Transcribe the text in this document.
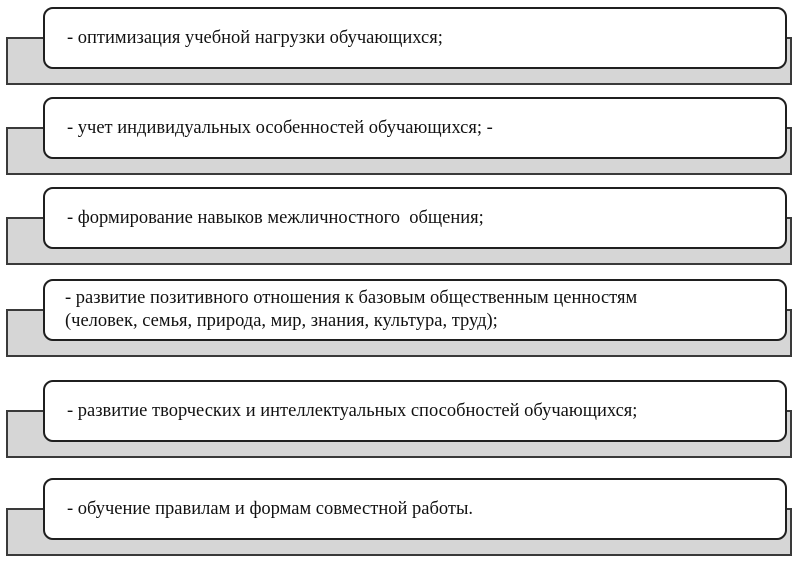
- оптимизация учебной нагрузки обучающихся;
- учет индивидуальных особенностей обучающихся; -
- формирование навыков межличностного  общения;
- развитие позитивного отношения к базовым общественным ценностям
(человек, семья, природа, мир, знания, культура, труд);
- развитие творческих и интеллектуальных способностей обучающихся;
- обучение правилам и формам совместной работы.
